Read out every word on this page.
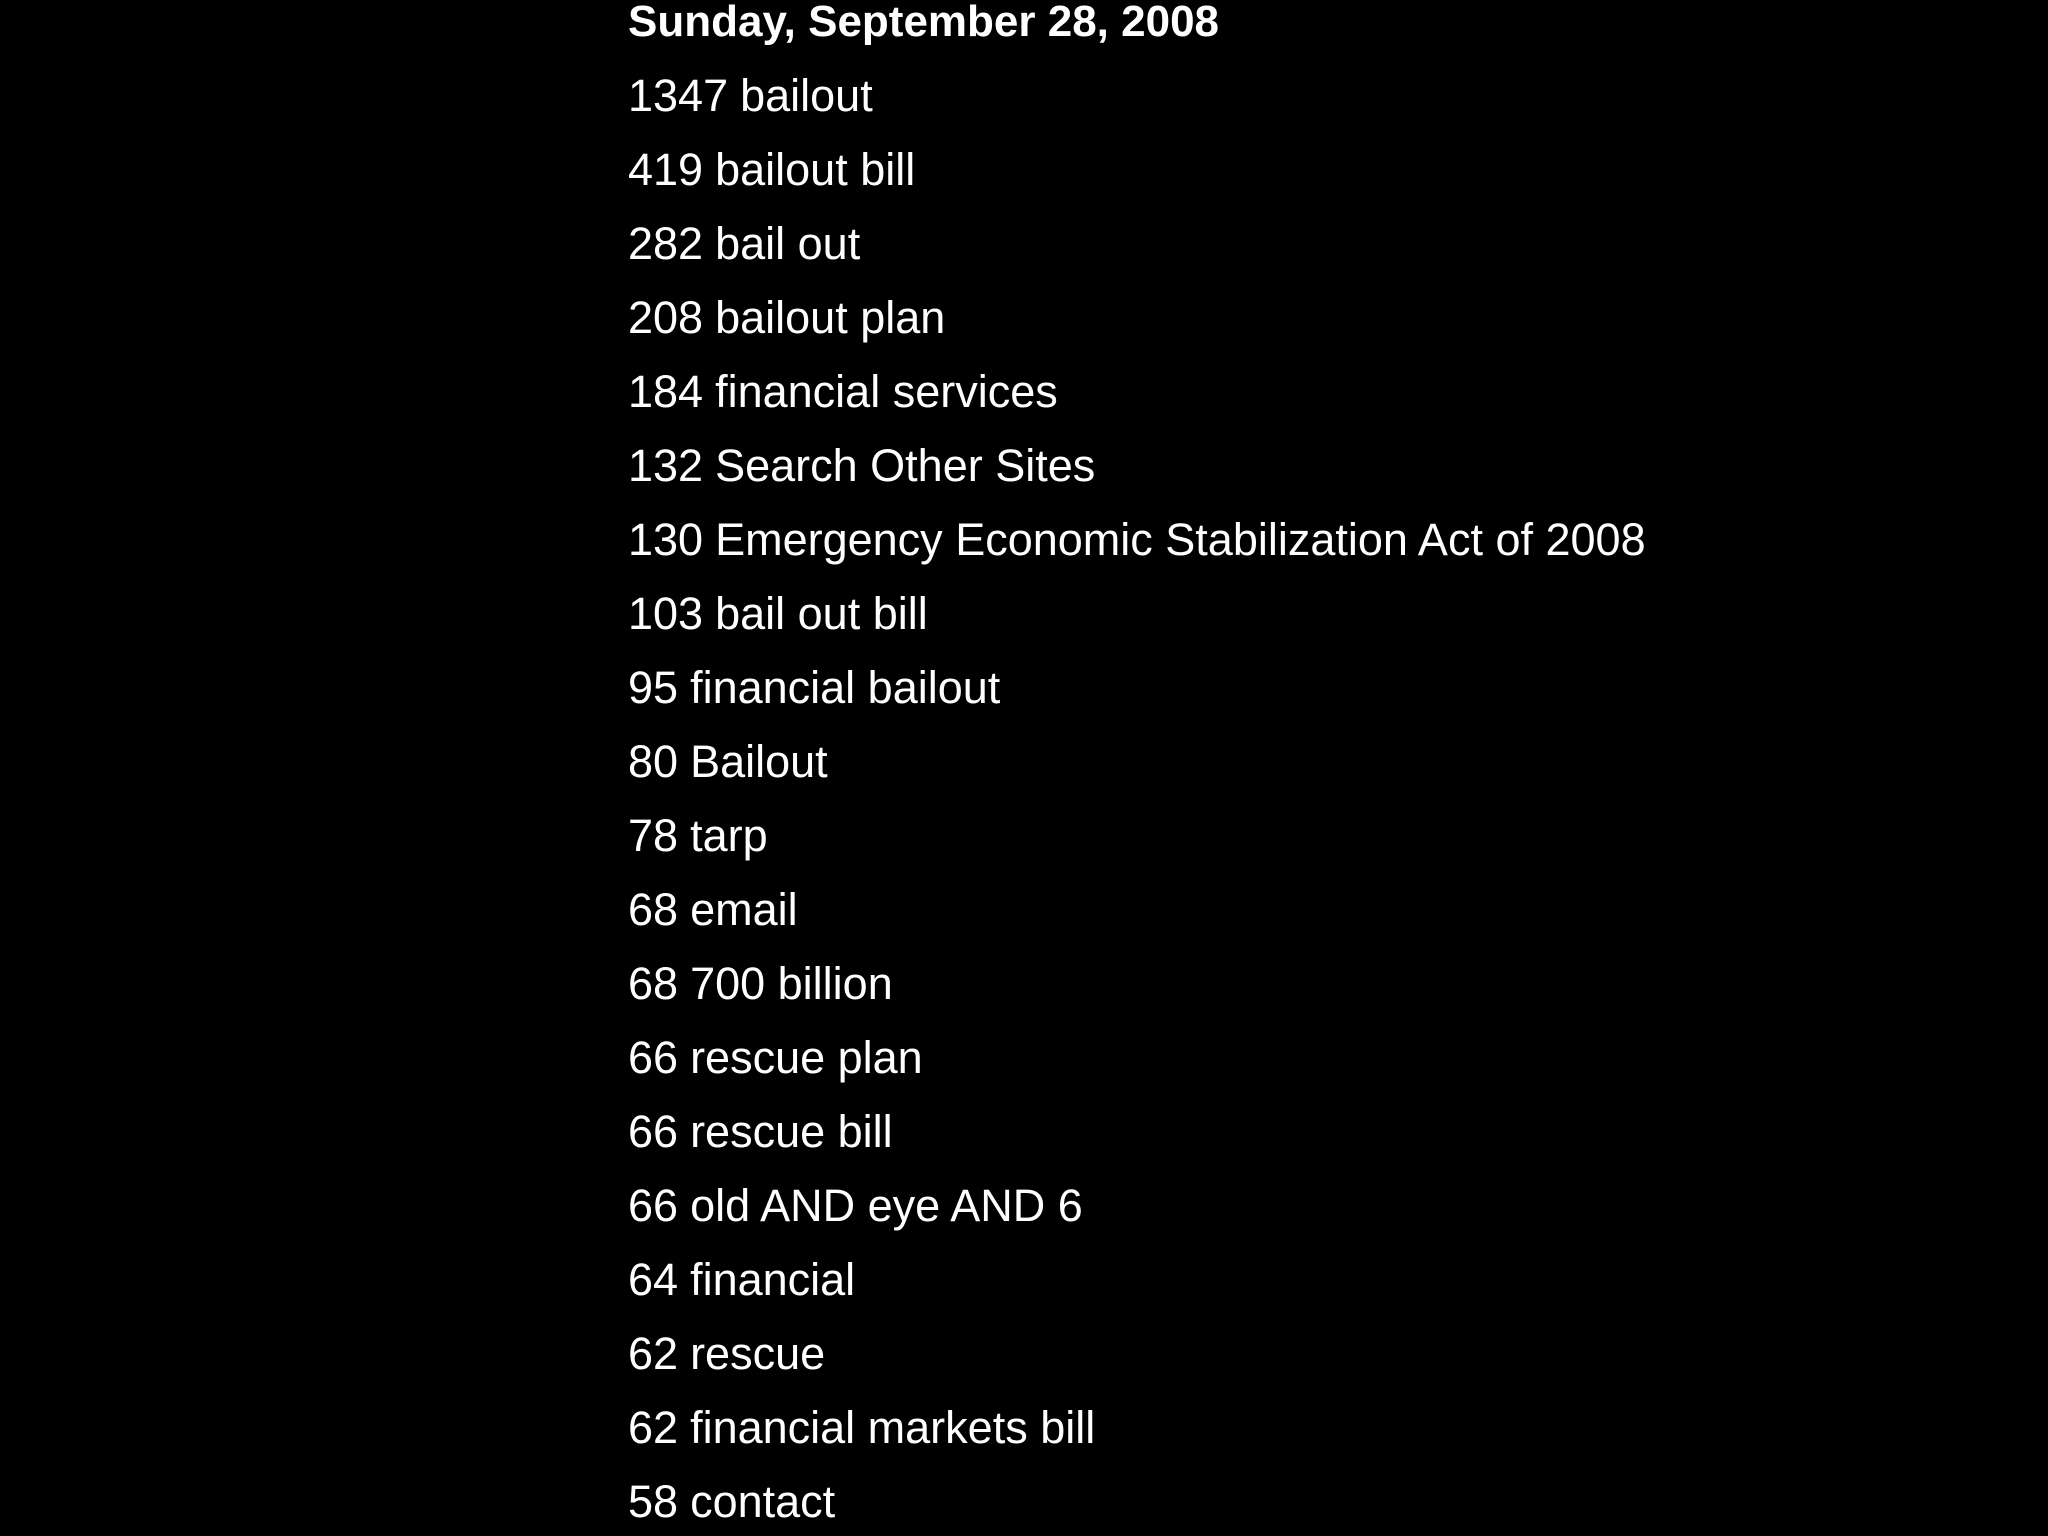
Sunday, September 28, 2008
1347 bailout
419 bailout bill
282 bail out
208 bailout plan
184 financial services
132 Search Other Sites
130 Emergency Economic Stabilization Act of 2008
103 bail out bill
95 financial bailout
80 Bailout
78 tarp
68 email
68 700 billion
66 rescue plan
66 rescue bill
66 old AND eye AND 6
64 financial
62 rescue
62 financial markets bill
58 contact
